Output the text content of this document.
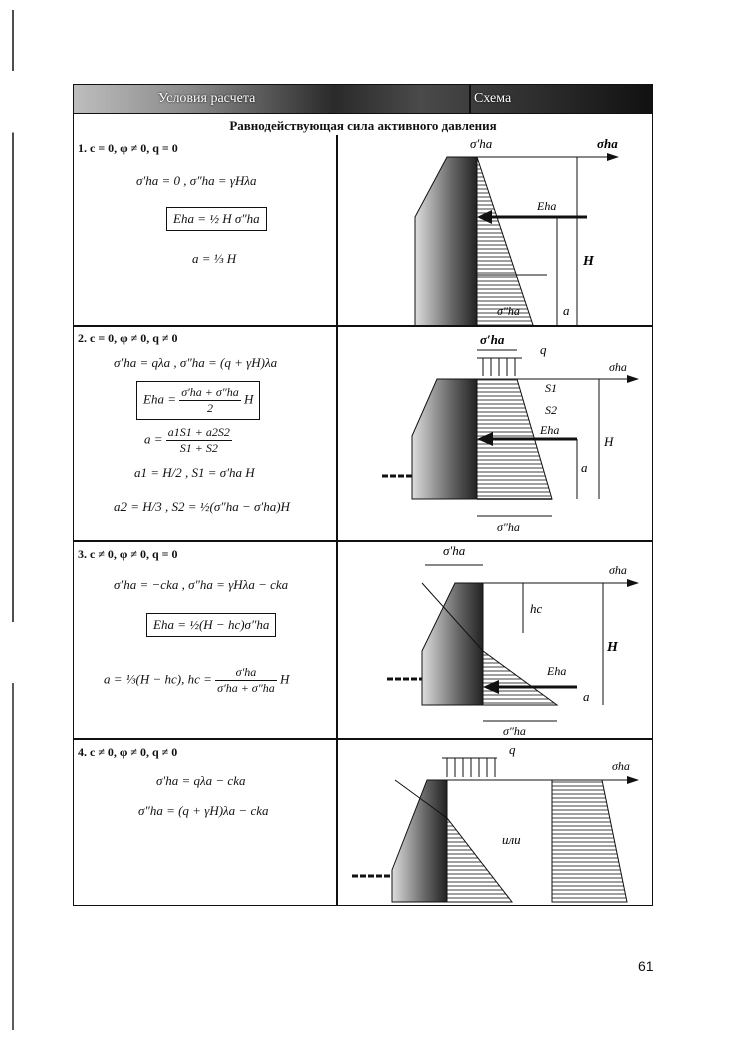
Условия расчета	Схема
Равнодействующая сила активного давления
1. c = 0, φ ≠ 0, q = 0
σ′ha = 0 , σ″ha = γHλa
Eha = ½ H σ″ha
a = ⅓ H
σ′ha	σha
Eha
H
a
σ″ha
2. c = 0, φ ≠ 0, q ≠ 0
σ′ha = qλa , σ″ha = (q + γH)λa
Eha = $\frac{\sigma'ha + \sigma''ha}{2}$ H
$a = \frac{a1S1 + a2S2}{S1 + S2}$
a1 = H/2 , S1 = σ′ha H
a2 = H/3 , S2 = ½(σ″ha − σ′ha)H
σ′ha
q
σha
S1
S2
Eha
H
a
σ″ha
3. c ≠ 0, φ ≠ 0, q = 0
σ′ha = −cka , σ″ha = γHλa − cka
Eha = ½(H − hc)σ″ha
a = ⅓(H − hc), hc = $\frac{\sigma'ha}{\sigma'ha + \sigma''ha}$ H
σ′ha
σha
hc
H
Eha
a
σ″ha
4. c ≠ 0, φ ≠ 0, q ≠ 0
σ′ha = qλa − cka
σ″ha = (q + γH)λa − cka
q
σha
или
61
